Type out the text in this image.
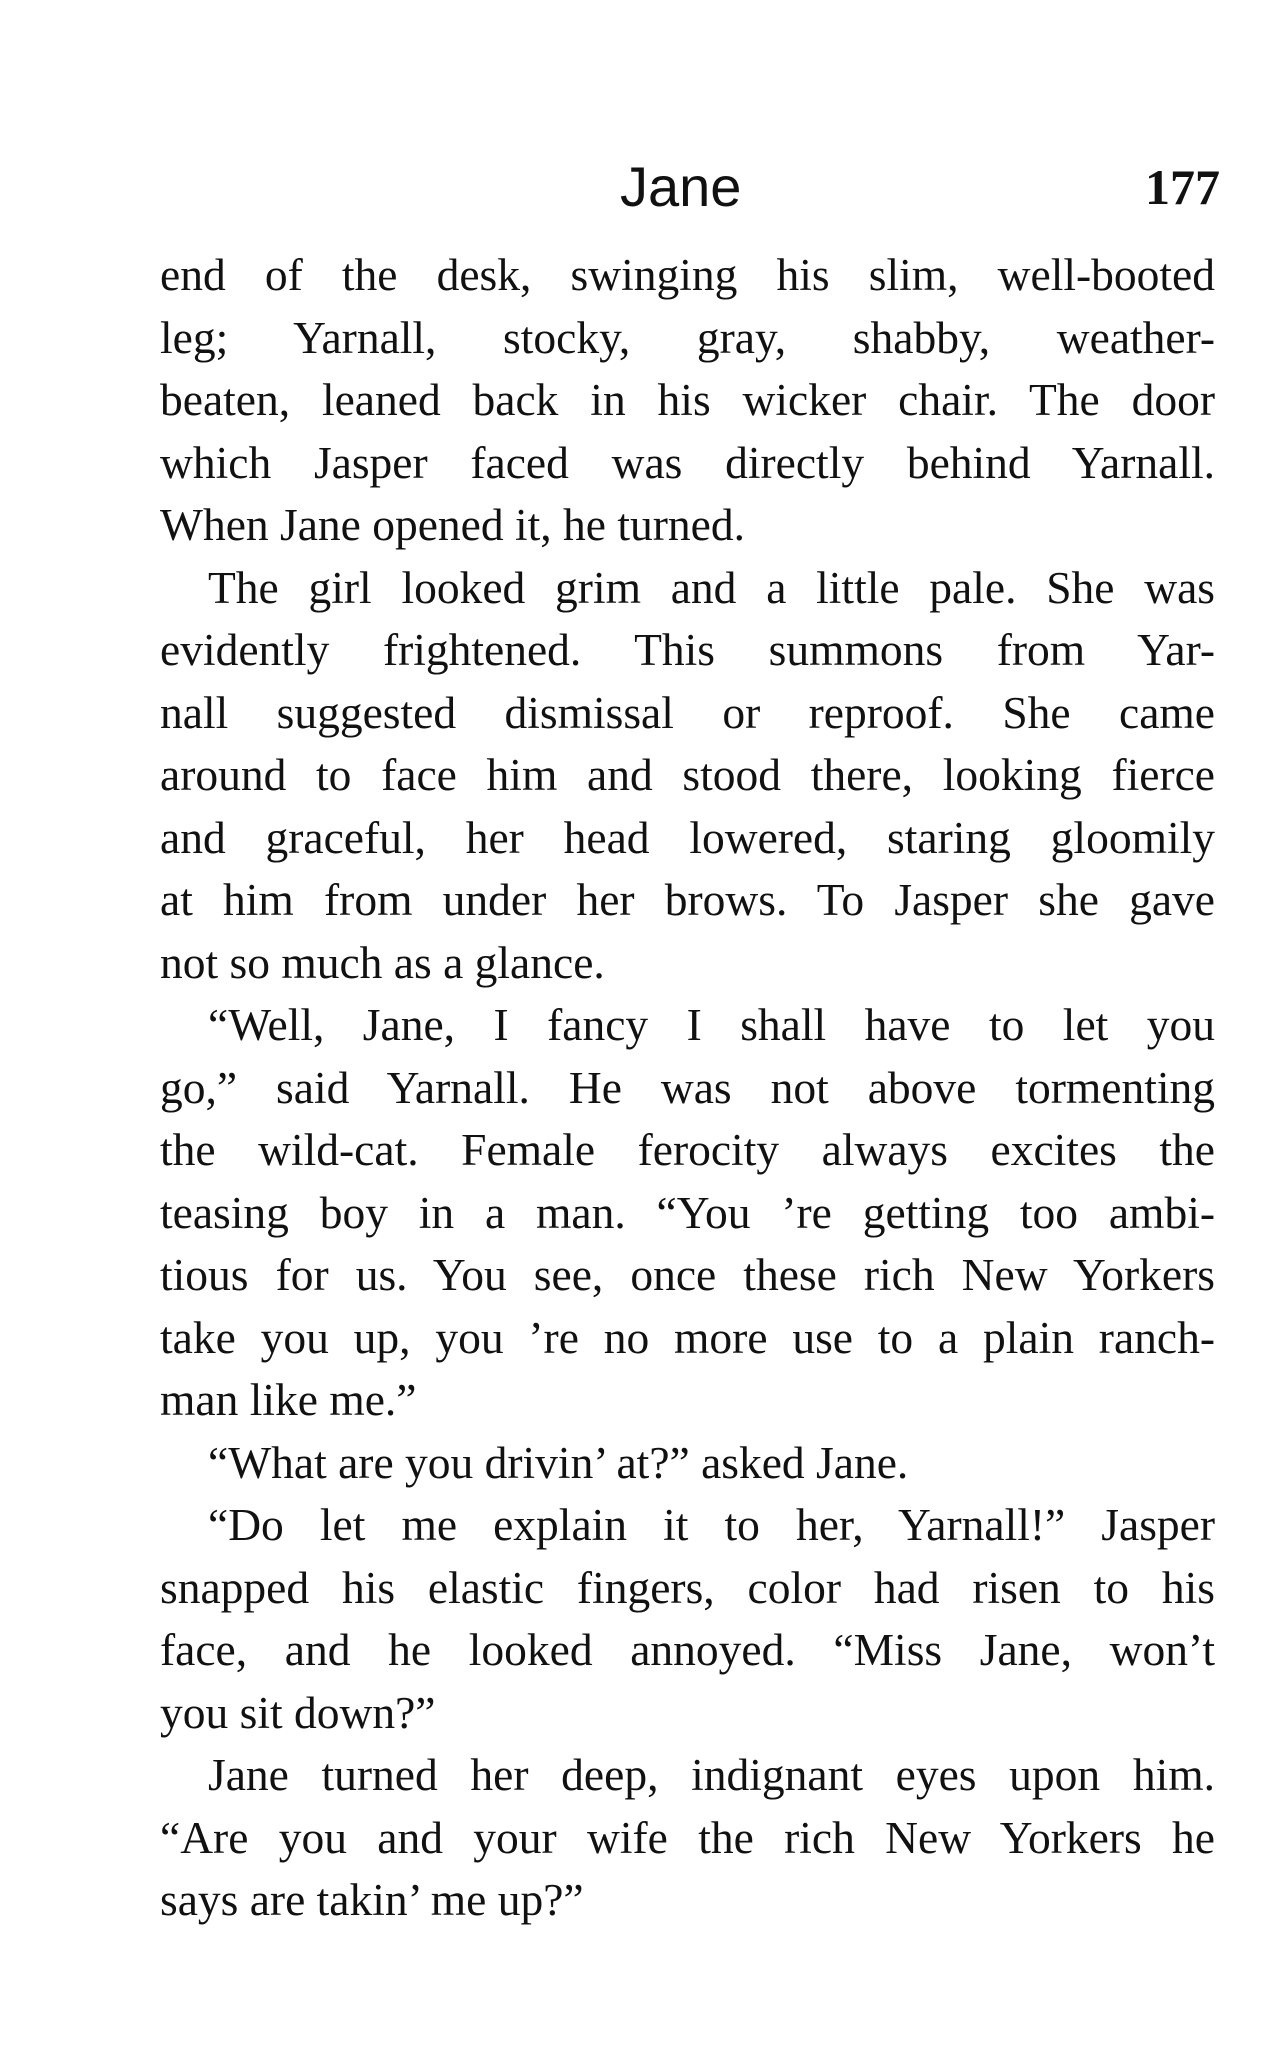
Jane	177
end of the desk, swinging his slim, well-booted
leg; Yarnall, stocky, gray, shabby, weather-
beaten, leaned back in his wicker chair. The door
which Jasper faced was directly behind Yarnall.
When Jane opened it, he turned.
The girl looked grim and a little pale. She was
evidently frightened. This summons from Yar-
nall suggested dismissal or reproof. She came
around to face him and stood there, looking fierce
and graceful, her head lowered, staring gloomily
at him from under her brows. To Jasper she gave
not so much as a glance.
“Well, Jane, I fancy I shall have to let you
go,” said Yarnall. He was not above tormenting
the wild-cat. Female ferocity always excites the
teasing boy in a man. “You ’re getting too ambi-
tious for us. You see, once these rich New Yorkers
take you up, you ’re no more use to a plain ranch-
man like me.”
“What are you drivin’ at?” asked Jane.
“Do let me explain it to her, Yarnall!” Jasper
snapped his elastic fingers, color had risen to his
face, and he looked annoyed. “Miss Jane, won’t
you sit down?”
Jane turned her deep, indignant eyes upon him.
“Are you and your wife the rich New Yorkers he
says are takin’ me up?”
